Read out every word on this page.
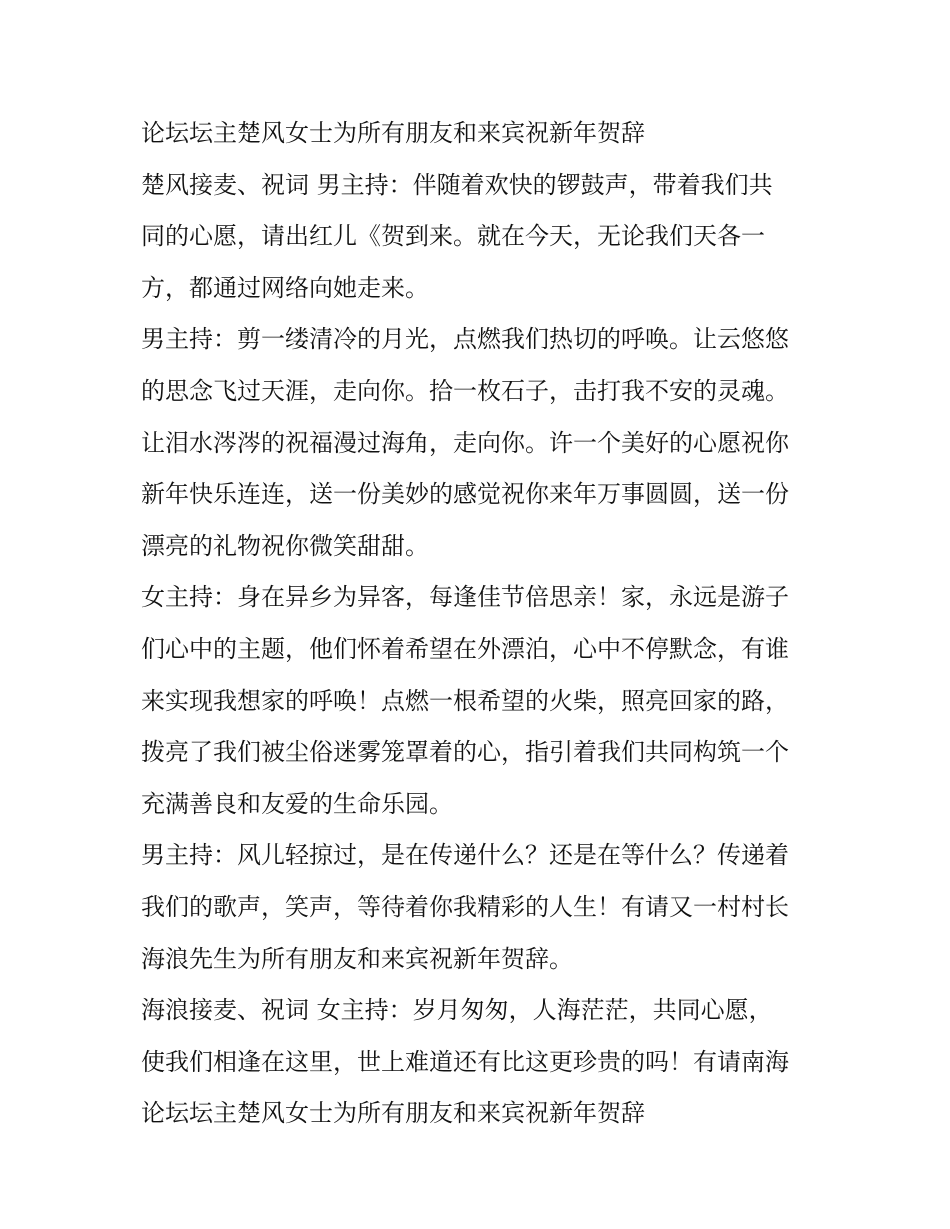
论坛坛主楚风女士为所有朋友和来宾祝新年贺辞
楚风接麦、祝词 男主持：伴随着欢快的锣鼓声，带着我们共
同的心愿，请出红儿《贺到来。就在今天，无论我们天各一
方，都通过网络向她走来。
男主持：剪一缕清冷的月光，点燃我们热切的呼唤。让云悠悠
的思念飞过天涯，走向你。拾一枚石子，击打我不安的灵魂。
让泪水涔涔的祝福漫过海角，走向你。许一个美好的心愿祝你
新年快乐连连，送一份美妙的感觉祝你来年万事圆圆，送一份
漂亮的礼物祝你微笑甜甜。
女主持：身在异乡为异客，每逢佳节倍思亲！家，永远是游子
们心中的主题，他们怀着希望在外漂泊，心中不停默念，有谁
来实现我想家的呼唤！点燃一根希望的火柴，照亮回家的路，
拨亮了我们被尘俗迷雾笼罩着的心，指引着我们共同构筑一个
充满善良和友爱的生命乐园。
男主持：风儿轻掠过，是在传递什么？还是在等什么？传递着
我们的歌声，笑声，等待着你我精彩的人生！有请又一村村长
海浪先生为所有朋友和来宾祝新年贺辞。
海浪接麦、祝词 女主持：岁月匆匆，人海茫茫，共同心愿，
使我们相逢在这里，世上难道还有比这更珍贵的吗！有请南海
论坛坛主楚风女士为所有朋友和来宾祝新年贺辞
